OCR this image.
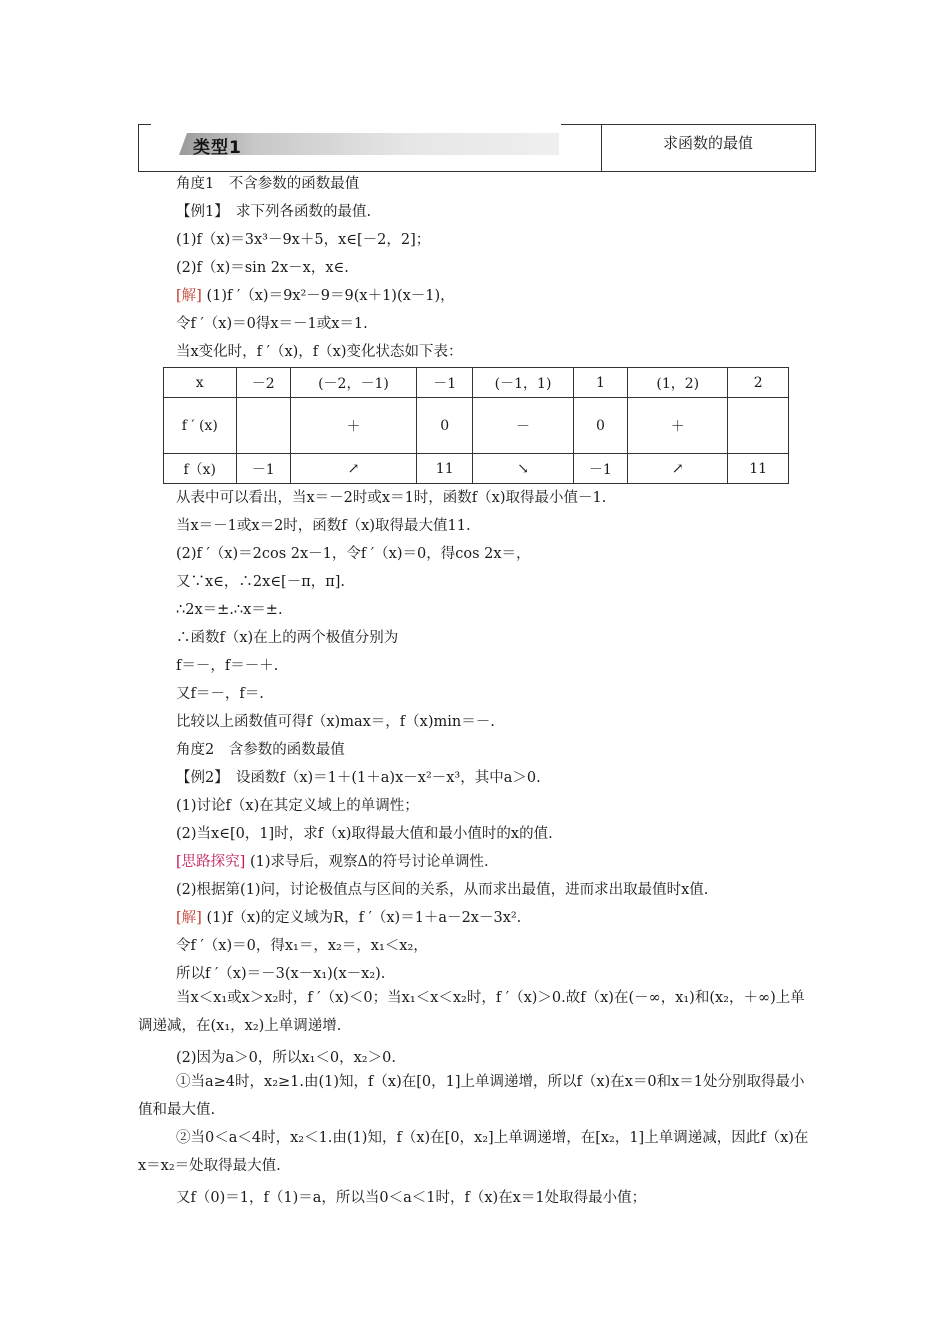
类型1	求函数的最值
角度1　不含参数的函数最值
【例1】　求下列各函数的最值.
(1)f（x)＝3x³－9x＋5，x∈[－2，2]；
(2)f（x)＝sin 2x－x，x∈.
[解] (1)f ′（x)＝9x²－9＝9(x＋1)(x－1)，
令f ′（x)＝0得x＝－1或x＝1.
当x变化时，f ′（x)，f（x)变化状态如下表：
x	－2	(－2，－1)	－1	(－1，1)	1	(1，2)	2
f ′ (x)		＋	0	－	0	＋	
f（x)	－1	↗	11	↘	－1	↗	11
从表中可以看出，当x＝－2时或x＝1时，函数f（x)取得最小值－1.
当x＝－1或x＝2时，函数f（x)取得最大值11.
(2)f ′（x)＝2cos 2x－1，令f ′（x)＝0，得cos 2x＝，
又∵x∈，∴2x∈[－π，π].
∴2x＝±.∴x＝±.
∴函数f（x)在上的两个极值分别为
f＝－，f＝－＋.
又f＝－，f＝.
比较以上函数值可得f（x)max＝，f（x)min＝－.
角度2　含参数的函数最值
【例2】　设函数f（x)＝1＋(1＋a)x－x²－x³，其中a＞0.
(1)讨论f（x)在其定义域上的单调性；
(2)当x∈[0，1]时，求f（x)取得最大值和最小值时的x的值.
[思路探究] (1)求导后，观察Δ的符号讨论单调性.
(2)根据第(1)问，讨论极值点与区间的关系，从而求出最值，进而求出取最值时x值.
[解] (1)f（x)的定义域为R，f ′（x)＝1＋a－2x－3x².
令f ′（x)＝0，得x₁＝，x₂＝，x₁＜x₂，
所以f ′（x)＝－3(x－x₁)(x－x₂).
当x＜x₁或x＞x₂时，f ′（x)＜0；当x₁＜x＜x₂时，f ′（x)＞0.故f（x)在(－∞，x₁)和(x₂，＋∞)上单调递减，在(x₁，x₂)上单调递增.
(2)因为a＞0，所以x₁＜0，x₂＞0.
①当a≥4时，x₂≥1.由(1)知，f（x)在[0，1]上单调递增，所以f（x)在x＝0和x＝1处分别取得最小值和最大值.
②当0＜a＜4时，x₂＜1.由(1)知，f（x)在[0，x₂]上单调递增，在[x₂，1]上单调递减，因此f（x)在x＝x₂＝处取得最大值.
又f（0)＝1，f（1)＝a，所以当0＜a＜1时，f（x)在x＝1处取得最小值；
